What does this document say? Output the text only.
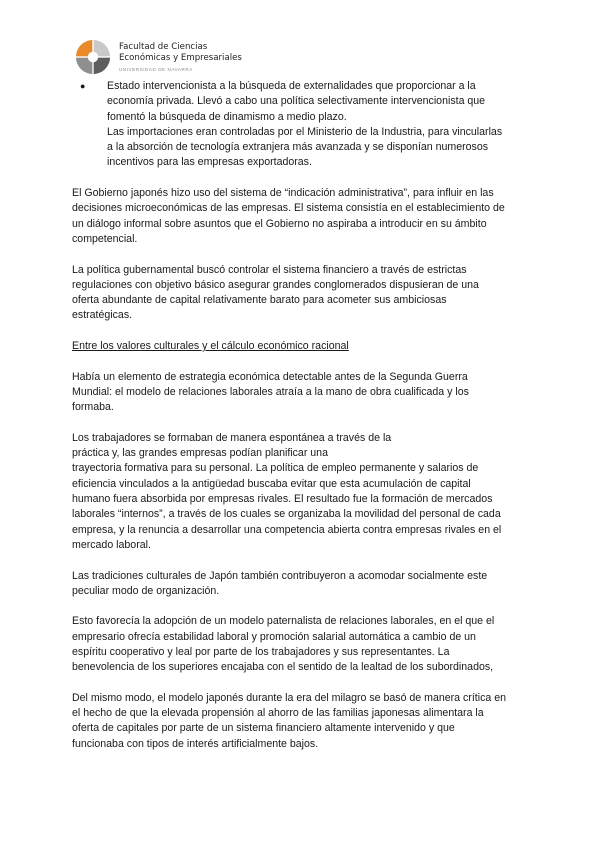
Facultad de Ciencias
Económicas y Empresariales
UNIVERSIDAD DE NAVARRA
●	Estado intervencionista a la búsqueda de externalidades que proporcionar a la
economía privada. Llevó a cabo una política selectivamente intervencionista que
fomentó la búsqueda de dinamismo a medio plazo.
Las importaciones eran controladas por el Ministerio de la Industria, para vincularlas
a la absorción de tecnología extranjera más avanzada y se disponían numerosos
incentivos para las empresas exportadoras.
El Gobierno japonés hizo uso del sistema de “indicación administrativa”, para influir en las
decisiones microeconómicas de las empresas. El sistema consistía en el establecimiento de
un diálogo informal sobre asuntos que el Gobierno no aspiraba a introducir en su ámbito
competencial.
La política gubernamental buscó controlar el sistema financiero a través de estrictas
regulaciones con objetivo básico asegurar grandes conglomerados dispusieran de una
oferta abundante de capital relativamente barato para acometer sus ambiciosas
estratégicas.
Entre los valores culturales y el cálculo económico racional
Había un elemento de estrategia económica detectable antes de la Segunda Guerra
Mundial: el modelo de relaciones laborales atraía a la mano de obra cualificada y los
formaba.
Los trabajadores se formaban de manera espontánea a través de la
práctica y, las grandes empresas podían planificar una
trayectoria formativa para su personal. La política de empleo permanente y salarios de
eficiencia vinculados a la antigüedad buscaba evitar que esta acumulación de capital
humano fuera absorbida por empresas rivales. El resultado fue la formación de mercados
laborales “internos”, a través de los cuales se organizaba la movilidad del personal de cada
empresa, y la renuncia a desarrollar una competencia abierta contra empresas rivales en el
mercado laboral.
Las tradiciones culturales de Japón también contribuyeron a acomodar socialmente este
peculiar modo de organización.
Esto favorecía la adopción de un modelo paternalista de relaciones laborales, en el que el
empresario ofrecía estabilidad laboral y promoción salarial automática a cambio de un
espíritu cooperativo y leal por parte de los trabajadores y sus representantes. La
benevolencia de los superiores encajaba con el sentido de la lealtad de los subordinados,
Del mismo modo, el modelo japonés durante la era del milagro se basó de manera crítica en
el hecho de que la elevada propensión al ahorro de las familias japonesas alimentara la
oferta de capitales por parte de un sistema financiero altamente intervenido y que
funcionaba con tipos de interés artificialmente bajos.
